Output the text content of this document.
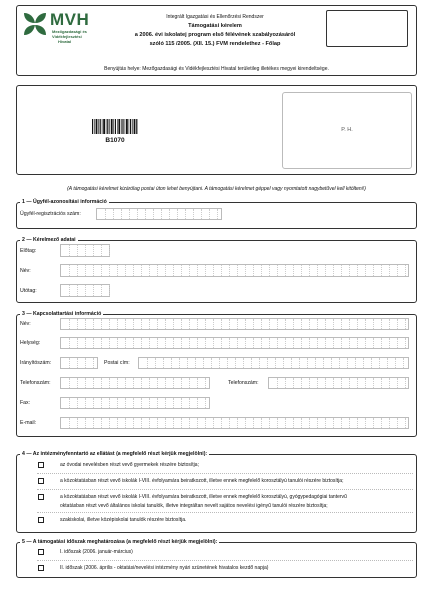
MVH
Mezőgazdasági és
Vidékfejlesztési
Hivatal
Integrált Igazgatási és Ellenőrzési Rendszer
Támogatási kérelem
a 2006. évi iskolatej program első félévének szabályozásáról
szóló 115 /2005. (XII. 15.) FVM rendelethez - Főlap
Benyújtás helye: Mezőgazdasági és Vidékfejlesztési Hivatal területileg illetékes megyei kirendeltsége.
B1070
P. H.
(A támogatási kérelmet kizárólag postai úton lehet benyújtani. A támogatási kérelmet géppel vagy nyomtatott nagybetűvel kell kitölteni!)
1 — Ügyfél-azonosítási információ
Ügyfél-regisztrációs szám:
2 — Kérelmező adatai
Előtag:
Név:
Utótag:
3 — Kapcsolattartási információ
Név:
Helység:
Irányítószám:	Postai cím:
Telefonszám:	Telefonszám:
Fax:
E-mail:
4 — Az intézményfenntartó az ellátást (a megfelelő részt kérjük megjelölni):
az óvodai nevelésben részt vevő gyermekek részére biztosítja;
a közoktatásban részt vevő iskolák I-VIII. évfolyamára beiratkozott, illetve ennek megfelelő korosztályú tanulói részére biztosítja;
a közoktatásban részt vevő iskolák I-VIII. évfolyamára beiratkozott, illetve ennek megfelelő korosztályú, gyógypedagógiai tantervű
oktatásban részt vevő általános iskolai tanulók, illetve integráltan nevelt sajátos nevelési igényű tanulói részére biztosítja;
szakiskolai, illetve középiskolai tanulók részére biztosítja.
5 — A támogatási időszak meghatározása (a megfelelő részt kérjük megjelölni):
I. időszak (2006. január-március)
II. időszak (2006. április - oktatási/nevelési intézmény nyári szünetének hivatalos kezdő napja)
